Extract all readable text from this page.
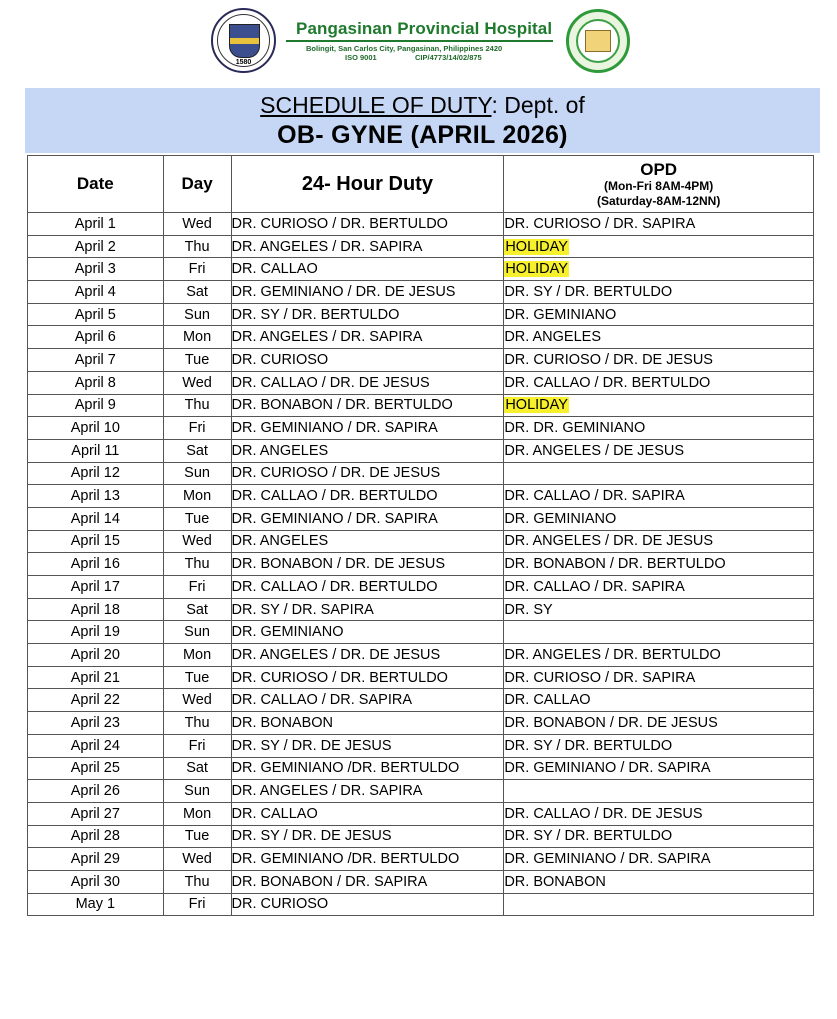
1580
Pangasinan Provincial Hospital
Bolingit, San Carlos City, Pangasinan, Philippines 2420
ISO 9001	CIP/4773/14/02/875
SCHEDULE OF DUTY: Dept. of
OB- GYNE (APRIL 2026)
Date	Day	24- Hour Duty	OPD
(Mon-Fri 8AM-4PM)
(Saturday-8AM-12NN)

April 1	Wed	DR. CURIOSO / DR. BERTULDO	DR. CURIOSO / DR. SAPIRA
April 2	Thu	DR. ANGELES / DR. SAPIRA	HOLIDAY
April 3	Fri	DR. CALLAO	HOLIDAY
April 4	Sat	DR. GEMINIANO / DR. DE JESUS	DR. SY / DR. BERTULDO
April 5	Sun	DR. SY / DR. BERTULDO	DR. GEMINIANO
April 6	Mon	DR. ANGELES / DR. SAPIRA	DR. ANGELES
April 7	Tue	DR. CURIOSO	DR. CURIOSO / DR. DE JESUS
April 8	Wed	DR. CALLAO / DR. DE JESUS	DR. CALLAO / DR. BERTULDO
April 9	Thu	DR. BONABON / DR. BERTULDO	HOLIDAY
April 10	Fri	DR. GEMINIANO / DR. SAPIRA	DR. DR. GEMINIANO
April 11	Sat	DR. ANGELES	DR. ANGELES / DE JESUS
April 12	Sun	DR. CURIOSO / DR. DE JESUS	
April 13	Mon	DR. CALLAO / DR. BERTULDO	DR. CALLAO / DR. SAPIRA
April 14	Tue	DR. GEMINIANO / DR. SAPIRA	DR. GEMINIANO
April 15	Wed	DR. ANGELES	DR. ANGELES / DR. DE JESUS
April 16	Thu	DR. BONABON / DR. DE JESUS	DR. BONABON / DR. BERTULDO
April 17	Fri	DR. CALLAO / DR. BERTULDO	DR. CALLAO / DR. SAPIRA
April 18	Sat	DR. SY / DR. SAPIRA	DR. SY
April 19	Sun	DR. GEMINIANO	
April 20	Mon	DR. ANGELES / DR. DE JESUS	DR. ANGELES / DR. BERTULDO
April 21	Tue	DR. CURIOSO / DR. BERTULDO	DR. CURIOSO / DR. SAPIRA
April 22	Wed	DR. CALLAO / DR. SAPIRA	DR. CALLAO
April 23	Thu	DR. BONABON	DR. BONABON / DR. DE JESUS
April 24	Fri	DR. SY / DR. DE JESUS	DR. SY / DR. BERTULDO
April 25	Sat	DR. GEMINIANO /DR. BERTULDO	DR. GEMINIANO / DR. SAPIRA
April 26	Sun	DR. ANGELES / DR. SAPIRA	
April 27	Mon	DR. CALLAO	DR. CALLAO / DR. DE JESUS
April 28	Tue	DR. SY / DR. DE JESUS	DR. SY / DR. BERTULDO
April 29	Wed	DR. GEMINIANO /DR. BERTULDO	DR. GEMINIANO / DR. SAPIRA
April 30	Thu	DR. BONABON / DR. SAPIRA	DR. BONABON
May 1	Fri	DR. CURIOSO	
